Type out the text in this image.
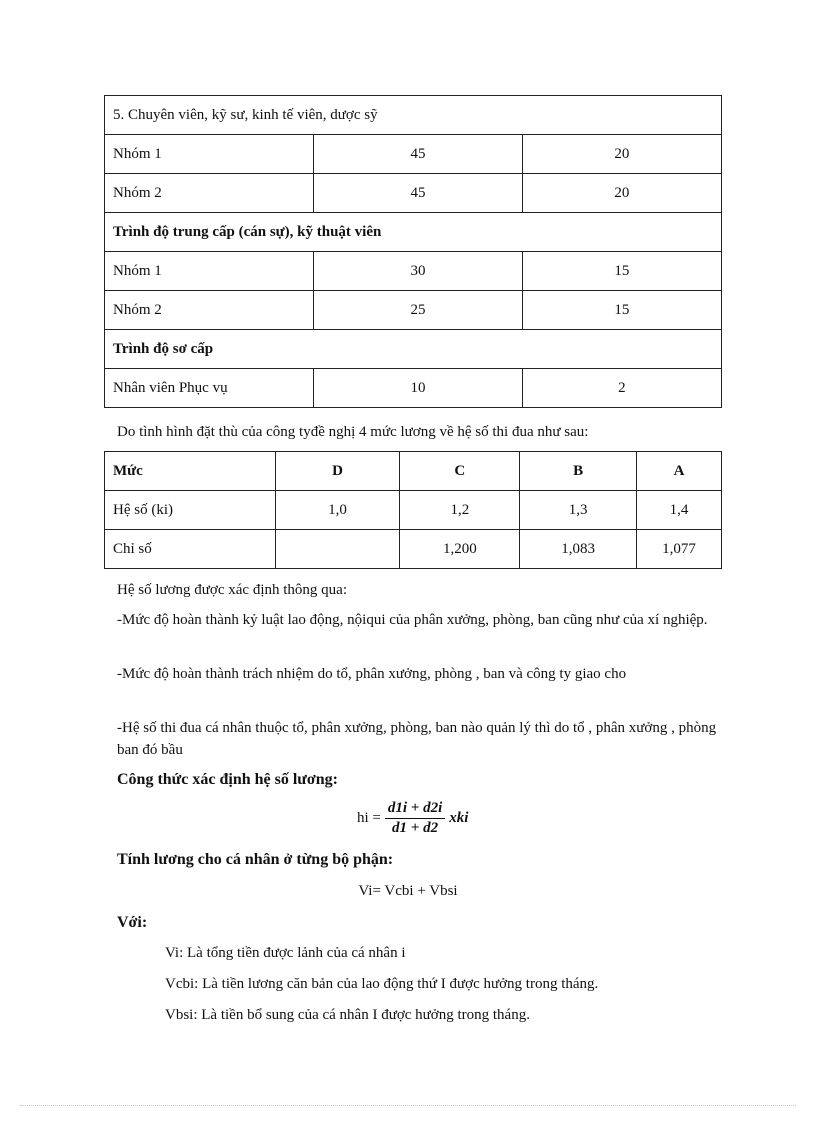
5. Chuyên viên, kỹ sư, kinh tế viên, dược sỹ		
Nhóm 1	45	20
Nhóm 2	45	20
Trình độ trung cấp (cán sự), kỹ thuật viên		
Nhóm 1	30	15
Nhóm 2	25	15
Trình độ sơ cấp		
Nhân viên Phục vụ	10	2
Do tình hình đặt thù của công tyđề nghị 4 mức lương về hệ số thi đua như sau:
Mức	D	C	B	A
Hệ số (ki)	1,0	1,2	1,3	1,4
Chỉ số		1,200	1,083	1,077

Hệ số lương được xác định thông qua:

-Mức độ hoàn thành kỷ luật lao động, nộiqui của phân xưởng, phòng, ban cũng như của xí nghiệp.

-Mức độ hoàn thành trách nhiệm do tổ, phân xưởng, phòng , ban và công ty giao cho

-Hệ số thi đua cá nhân thuộc tổ, phân xưởng, phòng, ban nào quản lý thì do tổ , phân xưởng , phòng ban đó bầu

Công thức xác định hệ số lương:

hi = $\frac{d1i + d2i}{d1 + d2}$ xki

Tính lương cho cá nhân ở từng bộ phận:

Vi= Vcbi + Vbsi

Với:

Vi: Là tổng tiền được lảnh của cá nhân i
Vcbi: Là tiền lương căn bản của lao động thứ I được hưởng trong tháng.
Vbsi: Là tiền bổ sung của cá nhân I được hưởng trong tháng.
